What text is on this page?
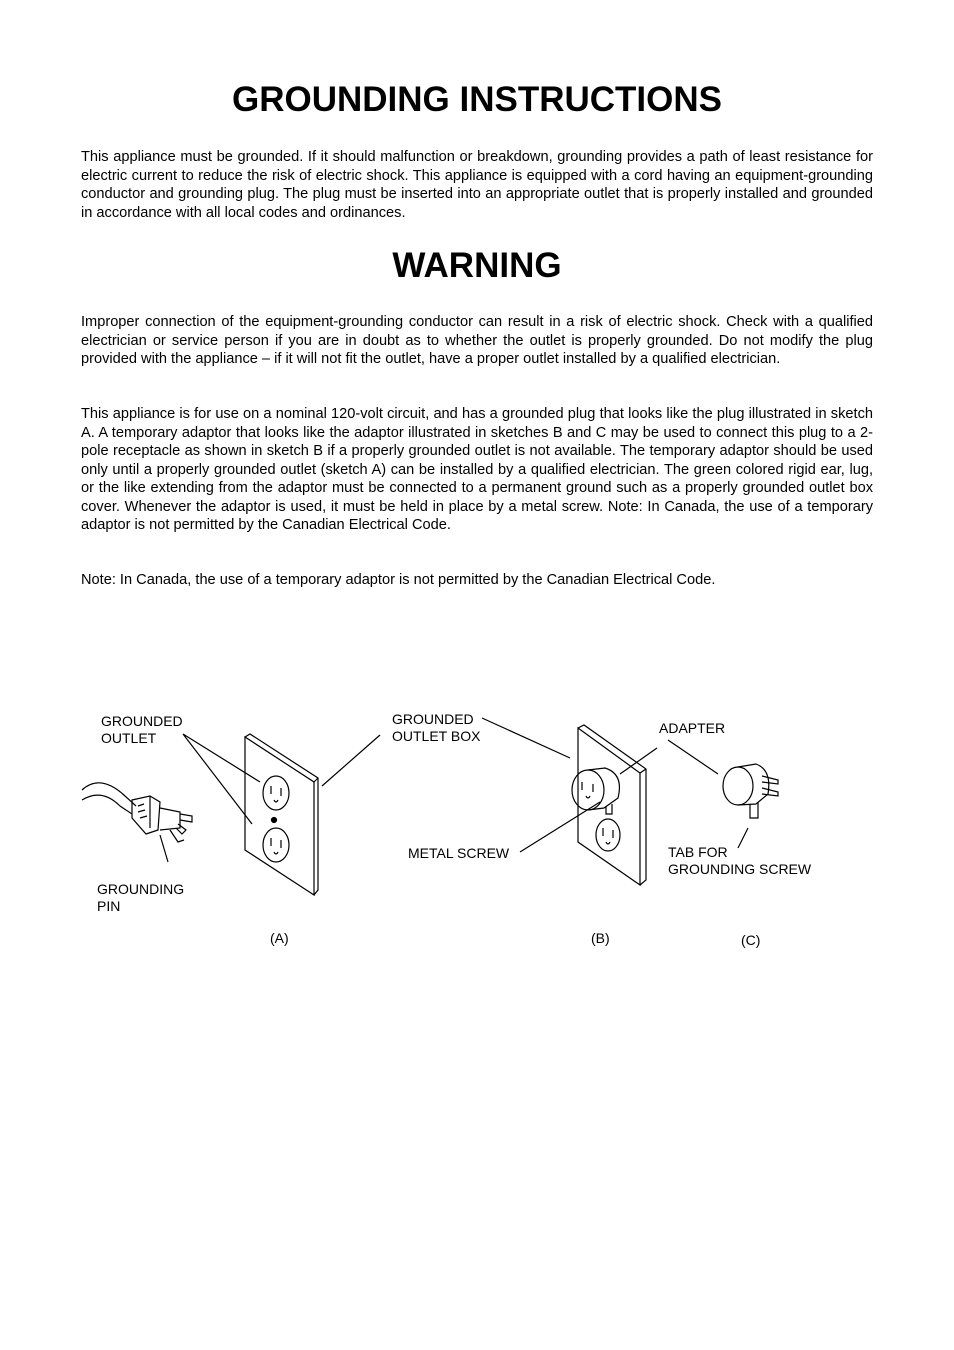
GROUNDING INSTRUCTIONS

This appliance must be grounded. If it should malfunction or breakdown, grounding provides a path of least resistance for electric current to reduce the risk of electric shock. This appliance is equipped with a cord having an equipment-grounding conductor and grounding plug. The plug must be inserted into an appropriate outlet that is properly installed and grounded in accordance with all local codes and ordinances.

WARNING

Improper connection of the equipment-grounding conductor can result in a risk of electric shock. Check with a qualified electrician or service person if you are in doubt as to whether the outlet is properly grounded. Do not modify the plug provided with the appliance – if it will not fit the outlet, have a proper outlet installed by a qualified electrician.

This appliance is for use on a nominal 120-volt circuit, and has a grounded plug that looks like the plug illustrated in sketch A. A temporary adaptor that looks like the adaptor illustrated in sketches B and C may be used to connect this plug to a 2-pole receptacle as shown in sketch B if a properly grounded outlet is not available. The temporary adaptor should be used only until a properly grounded outlet (sketch A) can be installed by a qualified electrician. The green colored rigid ear, lug, or the like extending from the adaptor must be connected to a permanent ground such as a properly grounded outlet box cover. Whenever the adaptor is used, it must be held in place by a metal screw. Note: In Canada, the use of a temporary adaptor is not permitted by the Canadian Electrical Code.

Note: In Canada, the use of a temporary adaptor is not permitted by the Canadian Electrical Code.

GROUNDED
OUTLET
GROUNDING
PIN
GROUNDED
OUTLET BOX
METAL SCREW
ADAPTER
TAB FOR
GROUNDING SCREW
(A)	(B)	(C)
